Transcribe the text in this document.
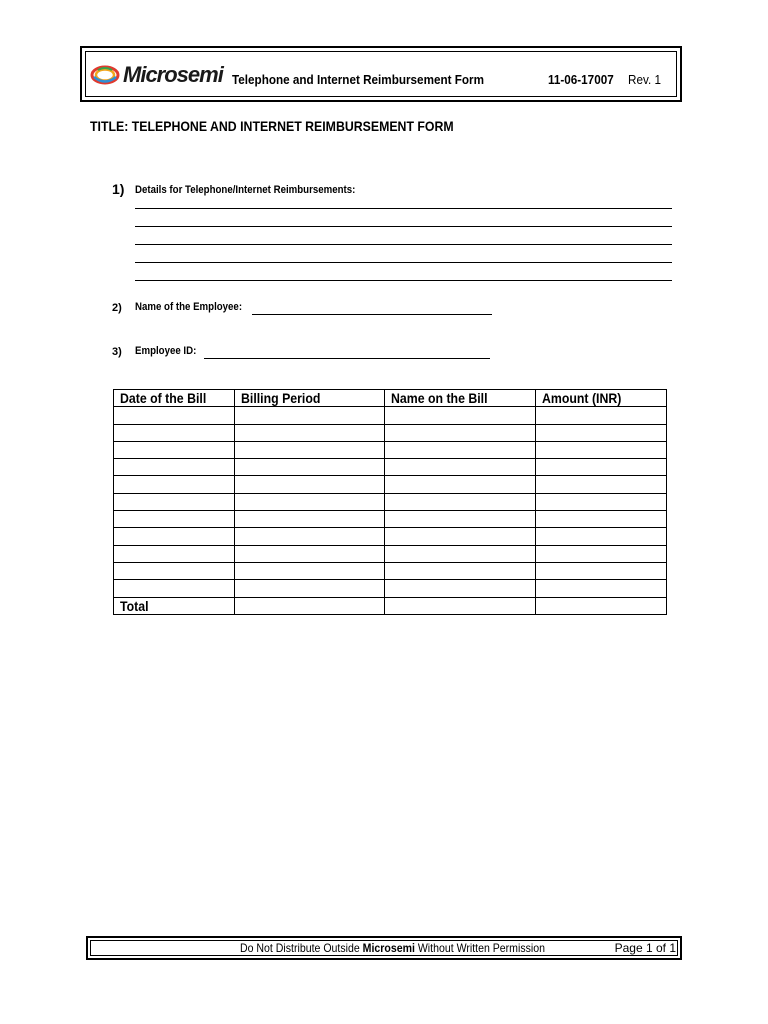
Microsemi Telephone and Internet Reimbursement Form	11-06-17007 Rev. 1
TITLE: TELEPHONE AND INTERNET REIMBURSEMENT FORM
1) Details for Telephone/Internet Reimbursements:
2) Name of the Employee:
3) Employee ID:
Date of the Bill	Billing Period	Name on the Bill	Amount (INR)

Total			
Do Not Distribute Outside Microsemi Without Written Permission	Page 1 of 1
